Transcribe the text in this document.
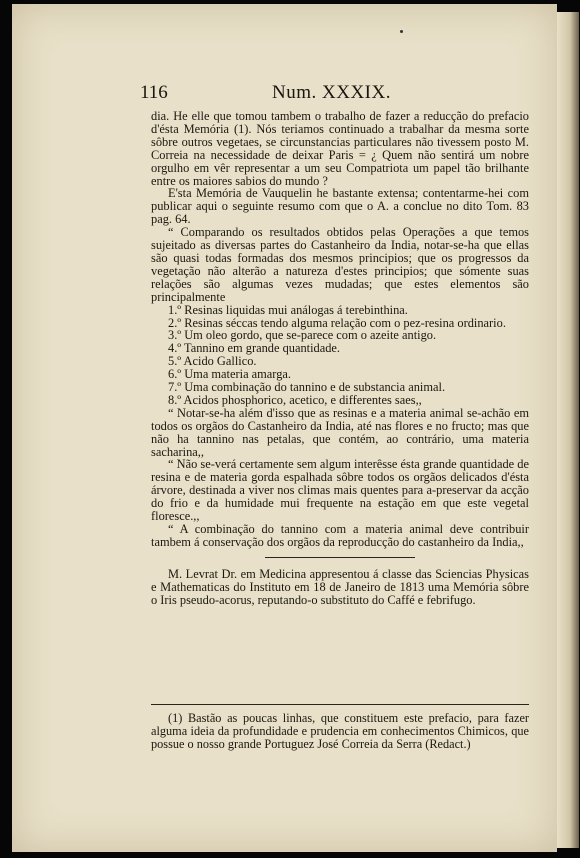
116	Num. XXXIX.

dia. He elle que tomou tambem o trabalho de fazer a reducção do prefacio d'ésta Memória (1). Nós teriamos continuado a trabalhar da mesma sorte sôbre outros vegetaes, se circunstancias particulares não tivessem posto M. Correia na necessidade de deixar Paris = ¿ Quem não sentirá um nobre orgulho em vêr representar a um seu Compatriota um papel tão brilhante entre os maiores sabios do mundo ?

E'sta Memória de Vauquelin he bastante extensa; contentarme-hei com publicar aqui o seguinte resumo com que o A. a conclue no dito Tom. 83 pag. 64.

“ Comparando os resultados obtidos pelas Operações a que temos sujeitado as diversas partes do Castanheiro da India, notar-se-ha que ellas são quasi todas formadas dos mesmos principios; que os progressos da vegetação não alterão a natureza d'estes principios; que sómente suas relações são algumas vezes mudadas; que estes elementos são principalmente

1.º Resinas liquidas mui análogas á terebinthina.
2.º Resinas séccas tendo alguma relação com o pez-resina ordinario.
3.º Um oleo gordo, que se-parece com o azeite antigo.
4.º Tannino em grande quantidade.
5.º Acido Gallico.
6.º Uma materia amarga.
7.º Uma combinação do tannino e de substancia animal.
8.º Acidos phosphorico, acetico, e differentes saes,,

“ Notar-se-ha além d'isso que as resinas e a materia animal se-achão em todos os orgãos do Castanheiro da India, até nas flores e no fructo; mas que não ha tannino nas petalas, que contém, ao contrário, uma materia sacharina,,

“ Não se-verá certamente sem algum interêsse ésta grande quantidade de resina e de materia gorda espalhada sôbre todos os orgãos delicados d'ésta árvore, destinada a viver nos climas mais quentes para a-preservar da acção do frio e da humidade mui frequente na estação em que este vegetal floresce.,,

“ A combinação do tannino com a materia animal deve contribuir tambem á conservação dos orgãos da reproducção do castanheiro da India,,

M. Levrat Dr. em Medicina appresentou á classe das Sciencias Physicas e Mathematicas do Instituto em 18 de Janeiro de 1813 uma Memória sôbre o Iris pseudo-acorus, reputando-o substituto do Caffé e febrifugo.

(1) Bastão as poucas linhas, que constituem este prefacio, para fazer alguma ideia da profundidade e prudencia em conhecimentos Chimicos, que possue o nosso grande Portuguez José Correia da Serra (Redact.)
